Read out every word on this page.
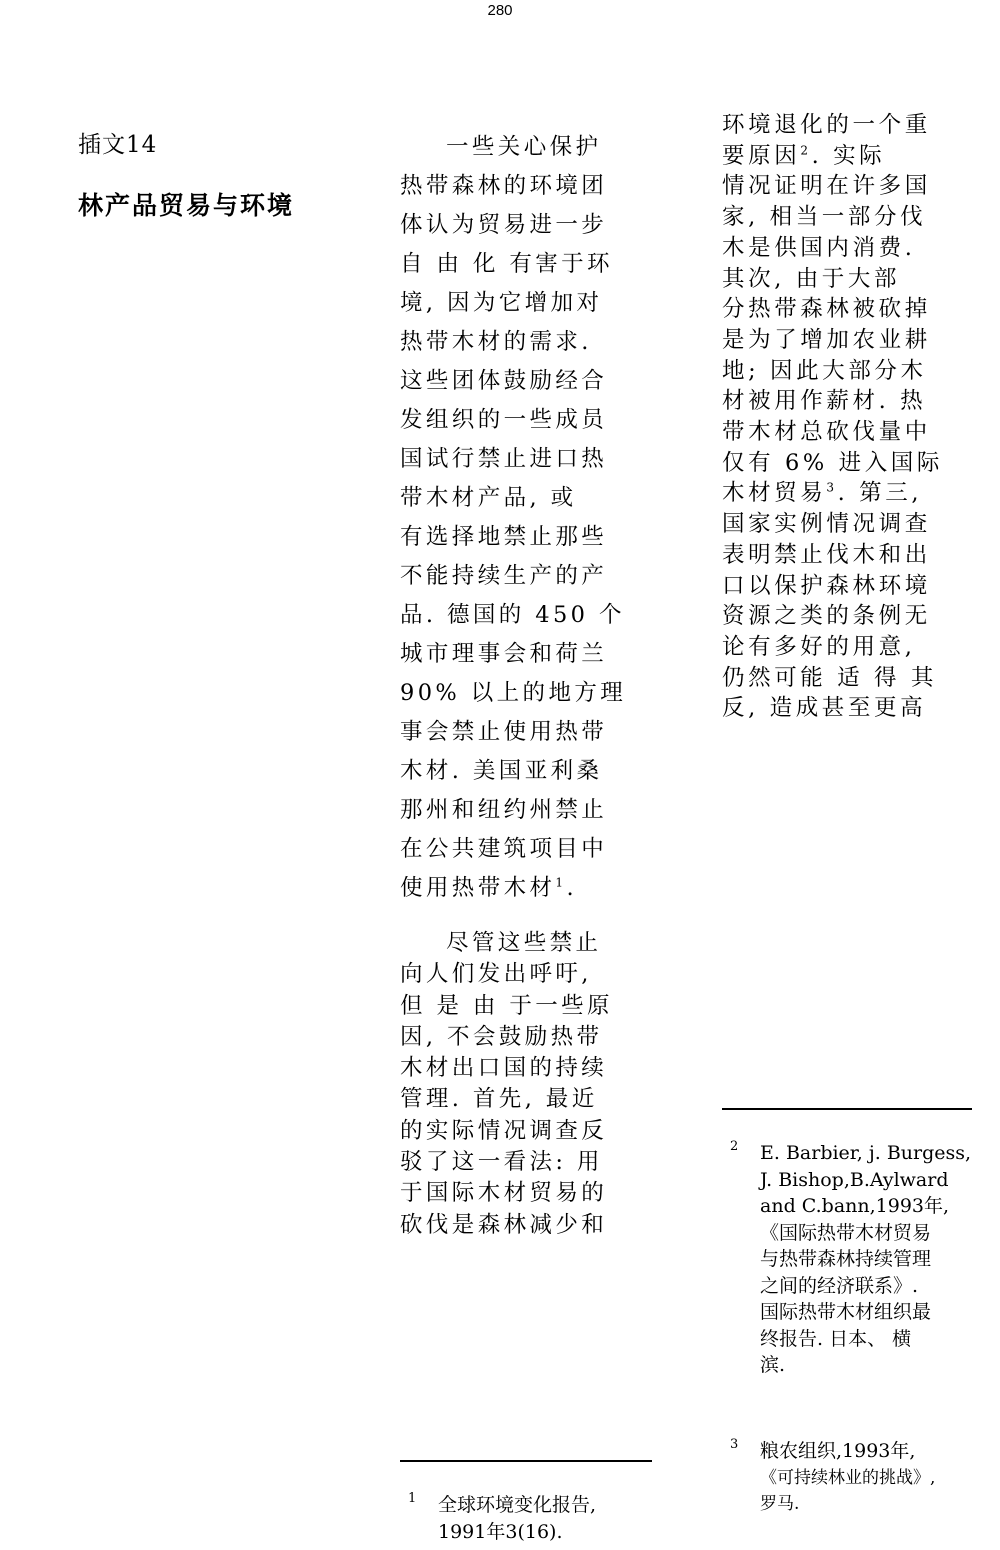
280
插文14
林产品贸易与环境

一些关心保护

热带森林的环境团

体认为贸易进一步

自 由 化 有害于环

境, 因为它增加对

热带木材的需求.

这些团体鼓励经合

发组织的一些成员

国试行禁止进口热

带木材产品, 或

有选择地禁止那些

不能持续生产的产

品. 德国的 450 个

城市理事会和荷兰

90% 以上的地方理

事会禁止使用热带

木材. 美国亚利桑

那州和纽约州禁止

在公共建筑项目中

使用热带木材$^1$.

尽管这些禁止

向人们发出呼吁,

但 是 由 于一些原

因, 不会鼓励热带

木材出口国的持续

管理. 首先, 最近

的实际情况调查反

驳了这一看法: 用

于国际木材贸易的

砍伐是森林减少和

环境退化的一个重

要原因$^2$. 实际

情况证明在许多国

家, 相当一部分伐

木是供国内消费.

其次, 由于大部

分热带森林被砍掉

是为了增加农业耕

地; 因此大部分木

材被用作薪材. 热

带木材总砍伐量中

仅有 6% 进入国际

木材贸易$^3$. 第三,

国家实例情况调查

表明禁止伐木和出

口以保护森林环境

资源之类的条例无

论有多好的用意,

仍然可能 适 得 其

反, 造成甚至更高

2 E. Barbier, j. Burgess,

J. Bishop,B.Aylward

and C.bann,1993年,

《国际热带木材贸易

与热带森林持续管理

之间的经济联系》.

国际热带木材组织最

终报告. 日本、 横

滨.

3 粮农组织,1993年,

《可持续林业的挑战》,

罗马.

1 全球环境变化报告,

1991年3(16).
